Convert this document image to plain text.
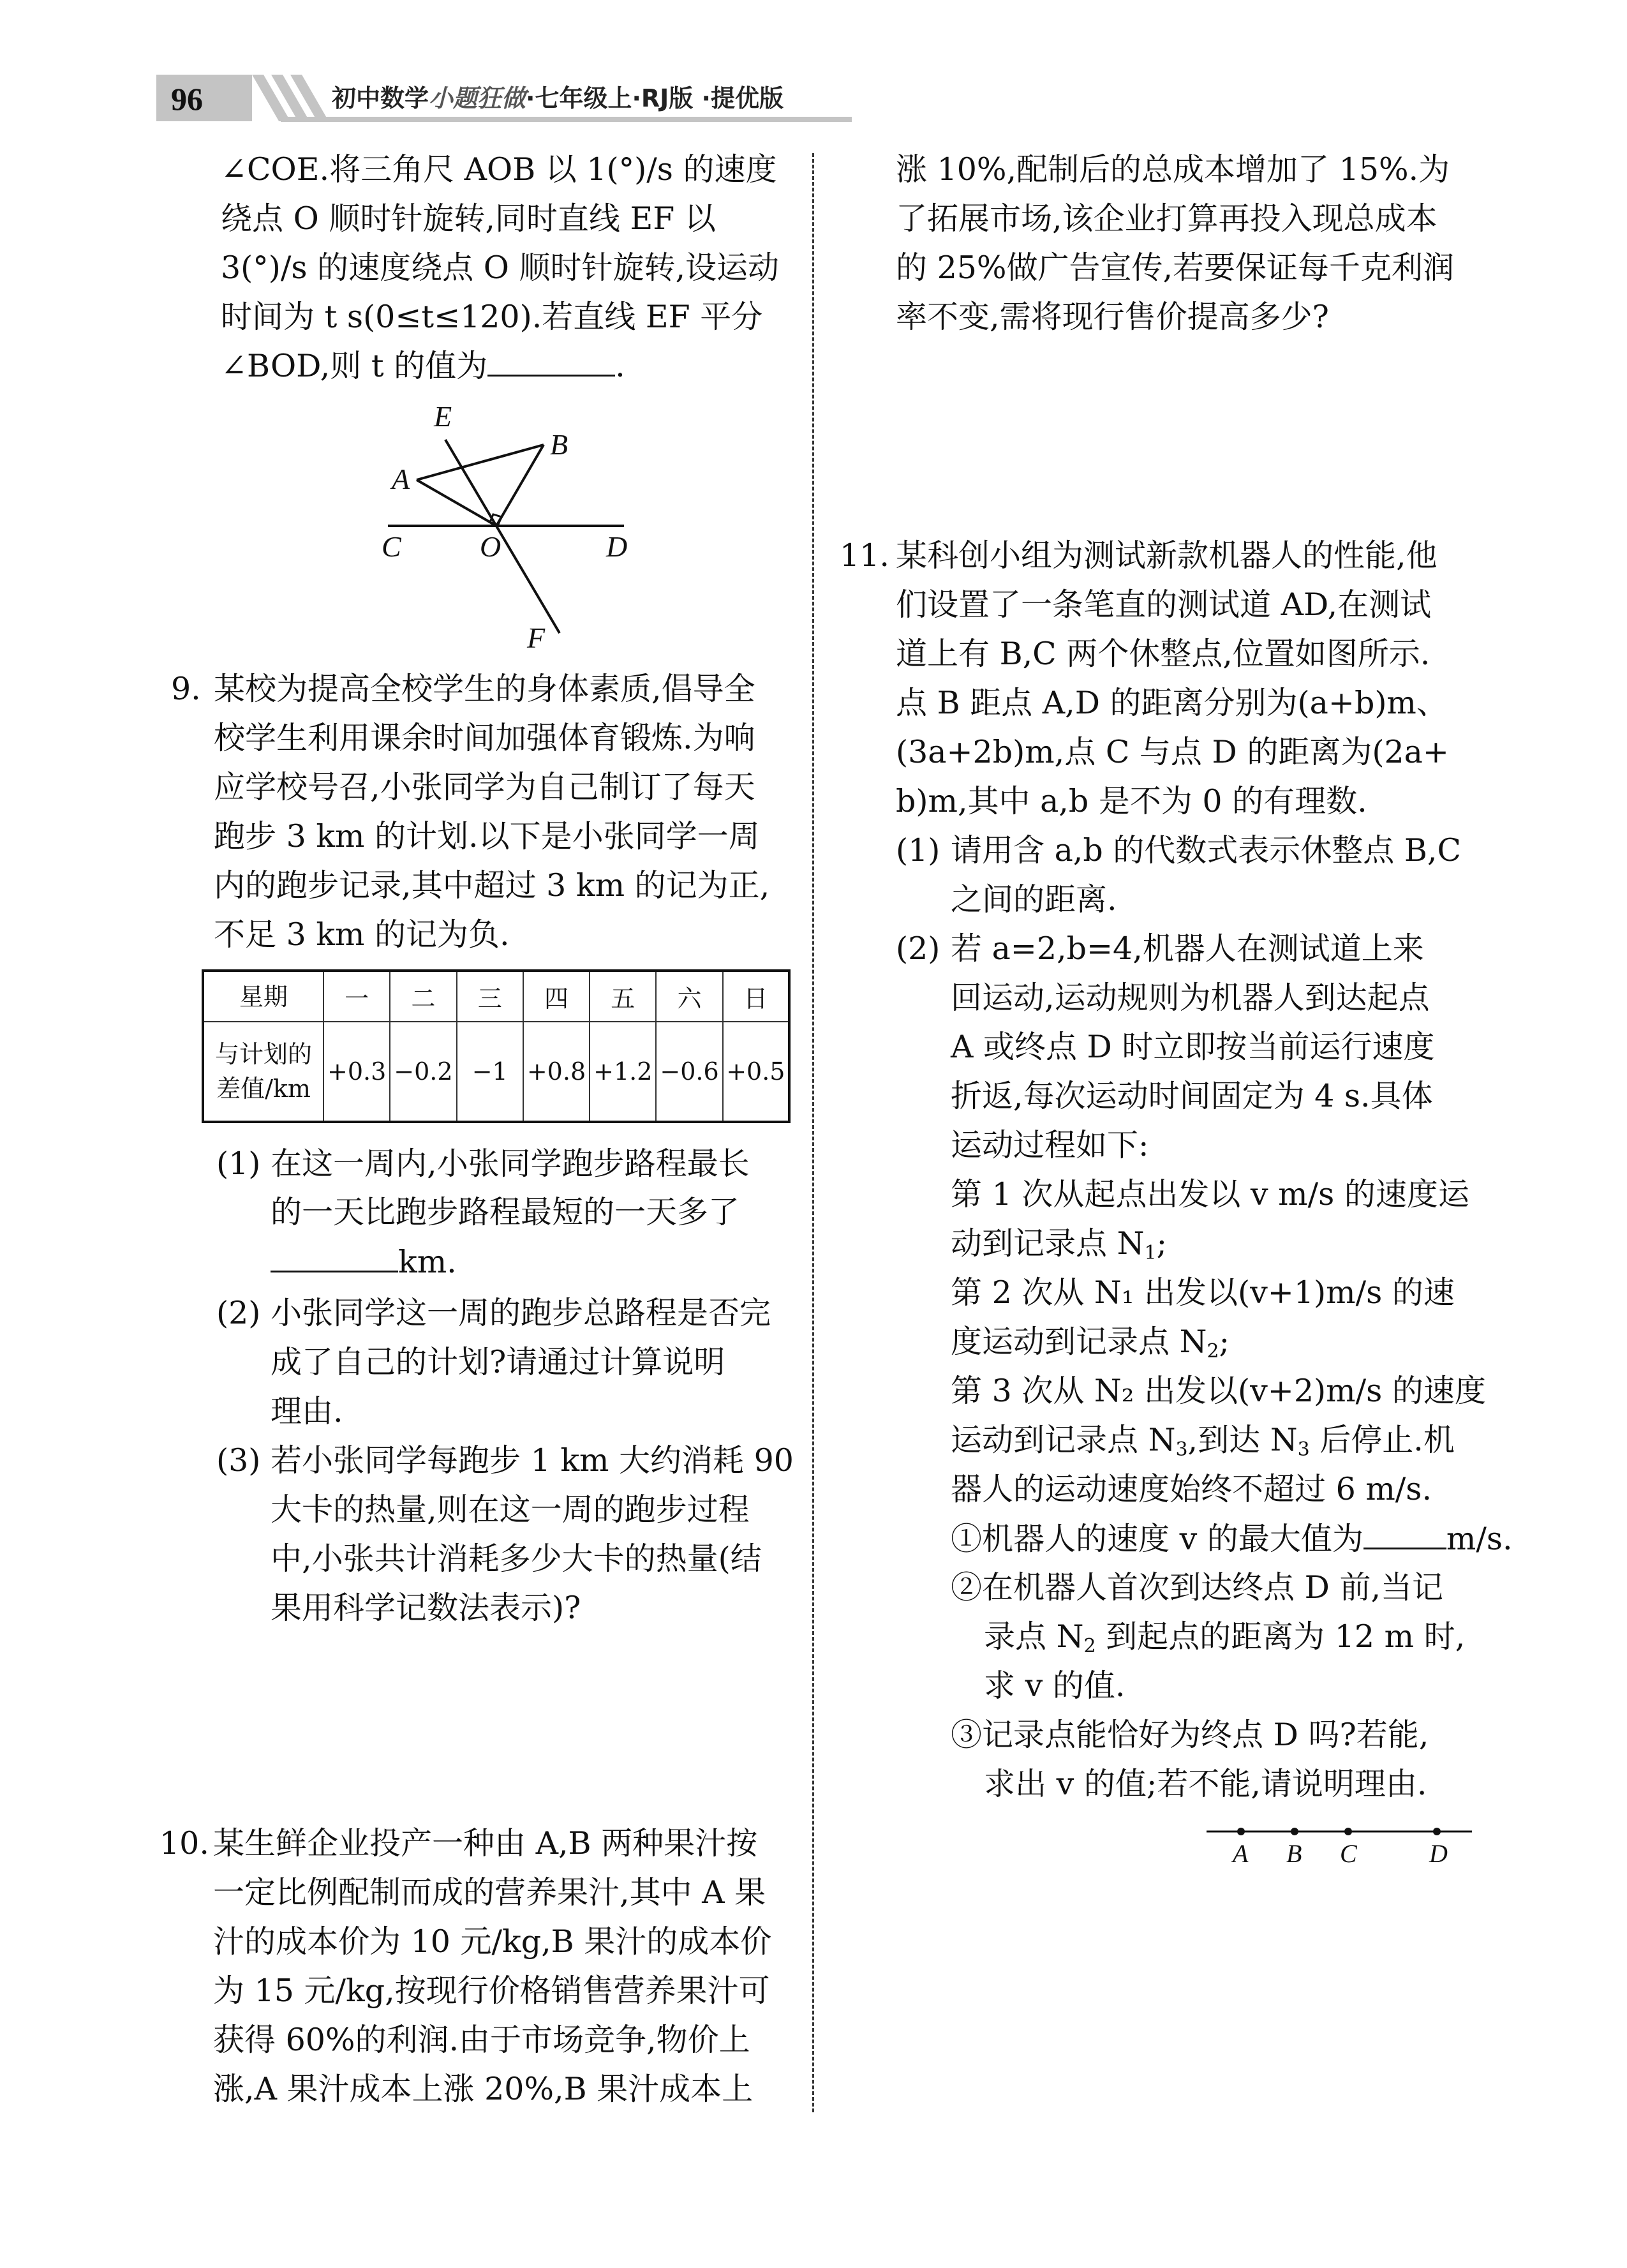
96	初中数学小题狂做·七年级上·RJ版 ·提优版
∠COE.将三角尺 AOB 以 1(°)/s 的速度
绕点 O 顺时针旋转,同时直线 EF 以
3(°)/s 的速度绕点 O 顺时针旋转,设运动
时间为 t s(0≤t≤120).若直线 EF 平分
∠BOD,则 t 的值为	.
E
B
A
C	O	D
F
9. 某校为提高全校学生的身体素质,倡导全
校学生利用课余时间加强体育锻炼.为响
应学校号召,小张同学为自己制订了每天
跑步 3 km 的计划.以下是小张同学一周
内的跑步记录,其中超过 3 km 的记为正,
不足 3 km 的记为负.
星期	一	二	三	四	五	六	日

与计划的
差值/km	+0.3	−0.2	−1	+0.8	+1.2	−0.6	+0.5
(1) 在这一周内,小张同学跑步路程最长
的一天比跑步路程最短的一天多了
km.
(2) 小张同学这一周的跑步总路程是否完
成了自己的计划?请通过计算说明
理由.
(3) 若小张同学每跑步 1 km 大约消耗 90
大卡的热量,则在这一周的跑步过程
中,小张共计消耗多少大卡的热量(结
果用科学记数法表示)?
10. 某生鲜企业投产一种由 A,B 两种果汁按
一定比例配制而成的营养果汁,其中 A 果
汁的成本价为 10 元/kg,B 果汁的成本价
为 15 元/kg,按现行价格销售营养果汁可
获得 60%的利润.由于市场竞争,物价上
涨,A 果汁成本上涨 20%,B 果汁成本上
涨 10%,配制后的总成本增加了 15%.为
了拓展市场,该企业打算再投入现总成本
的 25%做广告宣传,若要保证每千克利润
率不变,需将现行售价提高多少?
11. 某科创小组为测试新款机器人的性能,他
们设置了一条笔直的测试道 AD,在测试
道上有 B,C 两个休整点,位置如图所示.
点 B 距点 A,D 的距离分别为(a+b)m、
(3a+2b)m,点 C 与点 D 的距离为(2a+
b)m,其中 a,b 是不为 0 的有理数.
(1) 请用含 a,b 的代数式表示休整点 B,C
之间的距离.
(2) 若 a=2,b=4,机器人在测试道上来
回运动,运动规则为机器人到达起点
A 或终点 D 时立即按当前运行速度
折返,每次运动时间固定为 4 s.具体
运动过程如下:
第 1 次从起点出发以 v m/s 的速度运
动到记录点 $N_1$;
第 2 次从 N₁ 出发以(v+1)m/s 的速
度运动到记录点 $N_2$;
第 3 次从 N₂ 出发以(v+2)m/s 的速度
运动到记录点 $N_3$,到达 $N_3$ 后停止.机
器人的运动速度始终不超过 6 m/s.
①机器人的速度 v 的最大值为	m/s.
②在机器人首次到达终点 D 前,当记
录点 $N_2$ 到起点的距离为 12 m 时,
求 v 的值.
③记录点能恰好为终点 D 吗?若能,
求出 v 的值;若不能,请说明理由.
A B C	D
